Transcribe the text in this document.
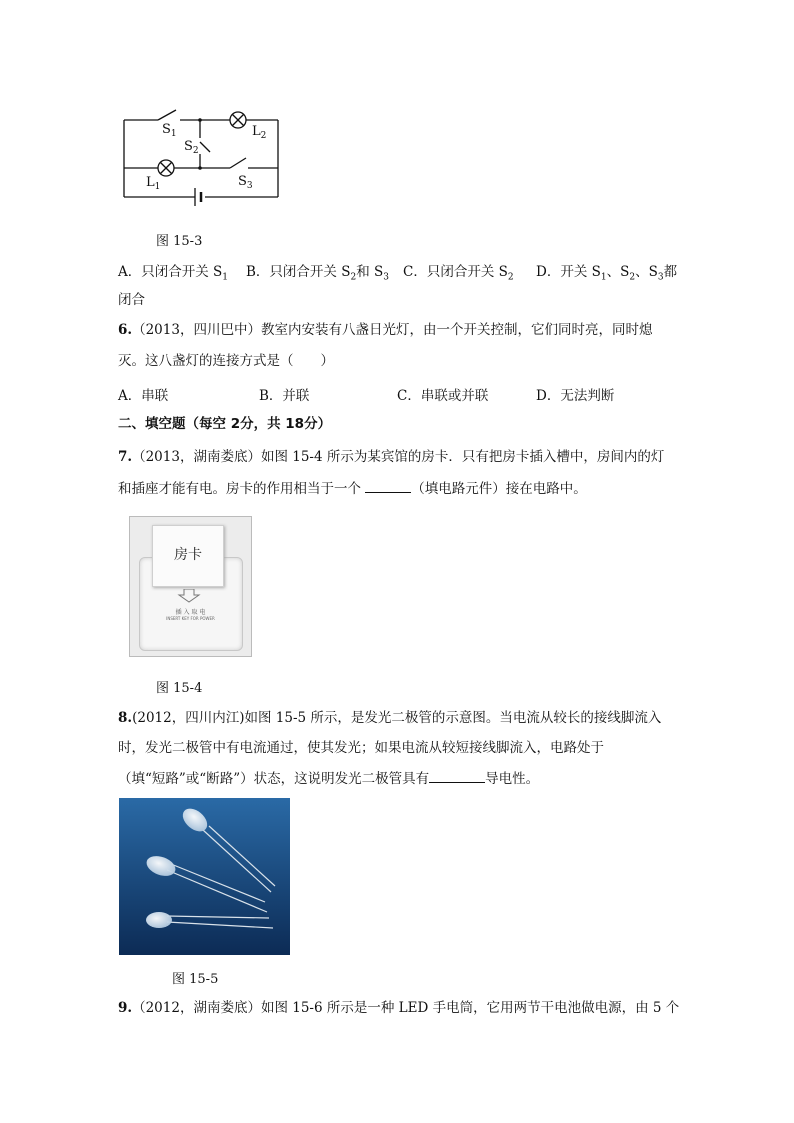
$S_1$
$S_2$
$S_3$
$L_1$
$L_2$
图 15-3
A．只闭合开关 $S_1$ B．只闭合开关 $S_2$和 $S_3$ C．只闭合开关 $S_2$ D．开关 $S_1$、$S_2$、$S_3$都
闭合
6.（2013，四川巴中）教室内安装有八盏日光灯，由一个开关控制，它们同时亮，同时熄
灭。这八盏灯的连接方式是（　　）
A．串联	B．并联	C．串联或并联	D．无法判断
二、填空题（每空 2分，共 18分）
7.（2013，湖南娄底）如图 15-4 所示为某宾馆的房卡．只有把房卡插入槽中，房间内的灯
和插座才能有电。房卡的作用相当于一个	（填电路元件）接在电路中。
房卡
插 入 取 电
INSERT KEY FOR POWER
图 15-4
8.(2012，四川内江)如图 15-5 所示，是发光二极管的示意图。当电流从较长的接线脚流入
时，发光二极管中有电流通过，使其发光；如果电流从较短接线脚流入，电路处于
（填“短路”或“断路”）状态，这说明发光二极管具有	导电性。
图 15-5
9.（2012，湖南娄底）如图 15-6 所示是一种 LED 手电筒，它用两节干电池做电源，由 5 个
